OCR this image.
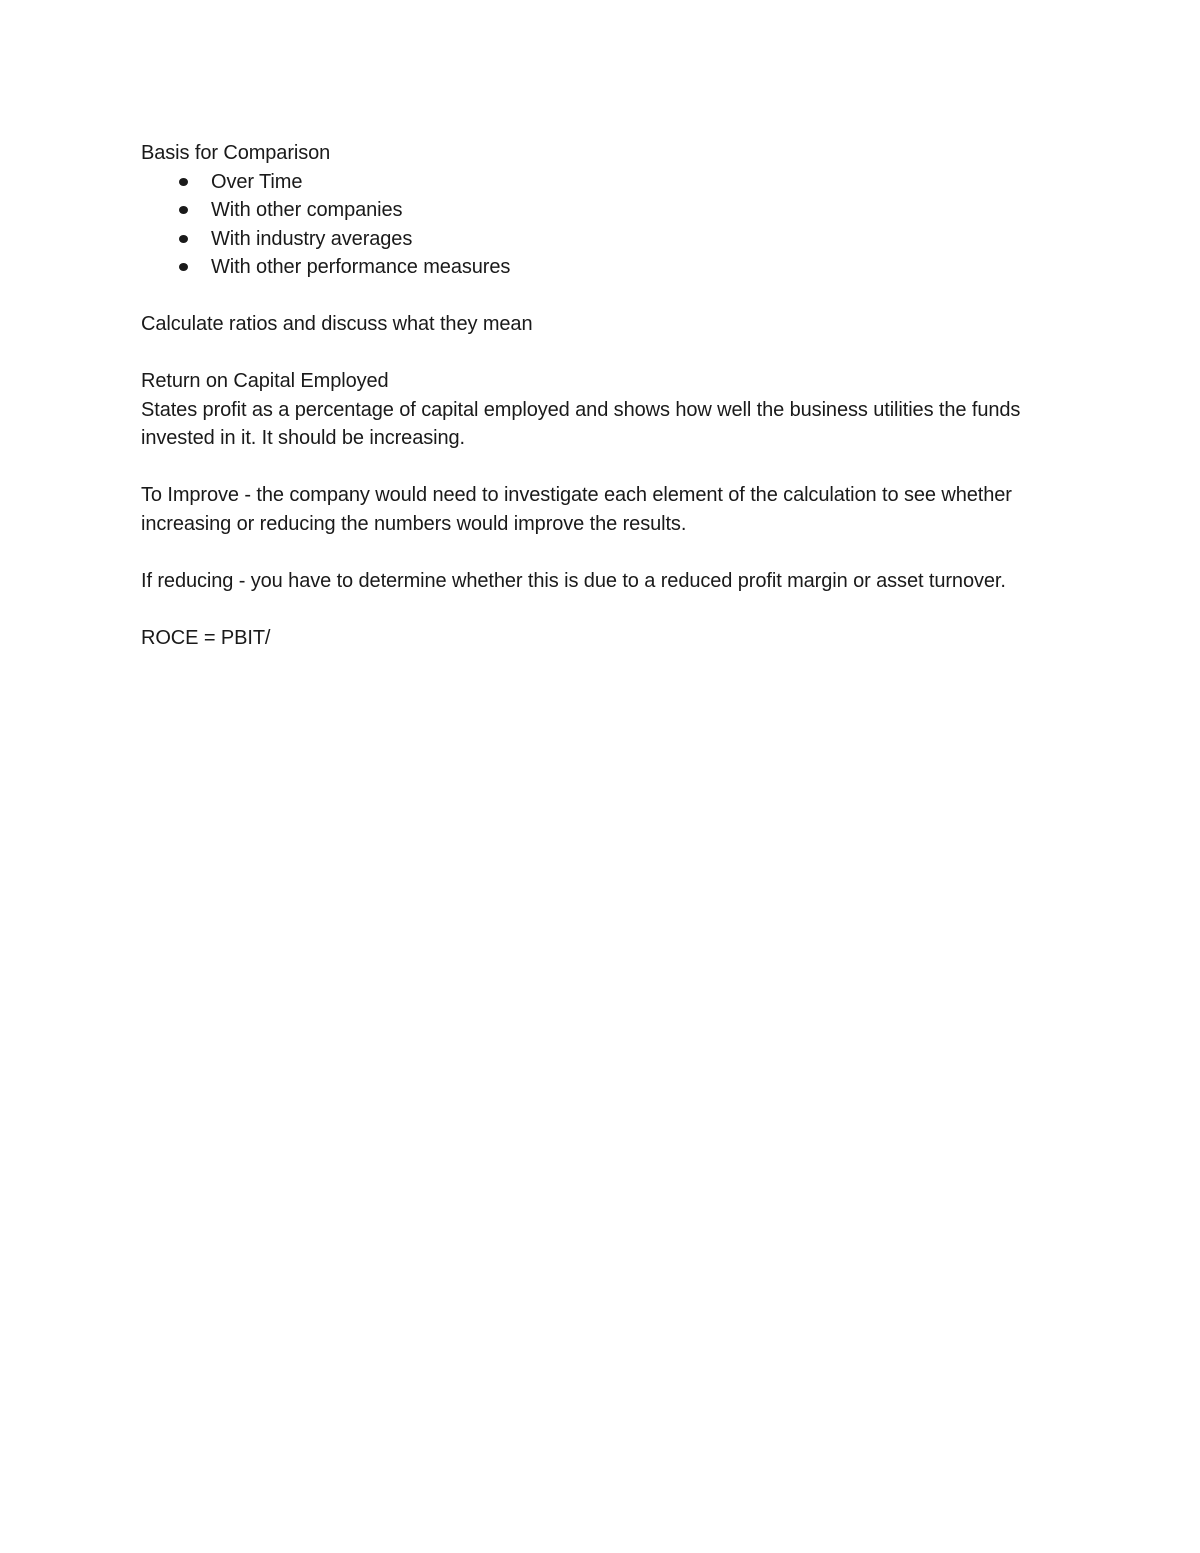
Basis for Comparison

Over Time
With other companies
With industry averages
With other performance measures

Calculate ratios and discuss what they mean

Return on Capital Employed

States profit as a percentage of capital employed and shows how well the business utilities the funds invested in it. It should be increasing.

To Improve - the company would need to investigate each element of the calculation to see whether increasing or reducing the numbers would improve the results.

If reducing - you have to determine whether this is due to a reduced profit margin or asset turnover.

ROCE = PBIT/
